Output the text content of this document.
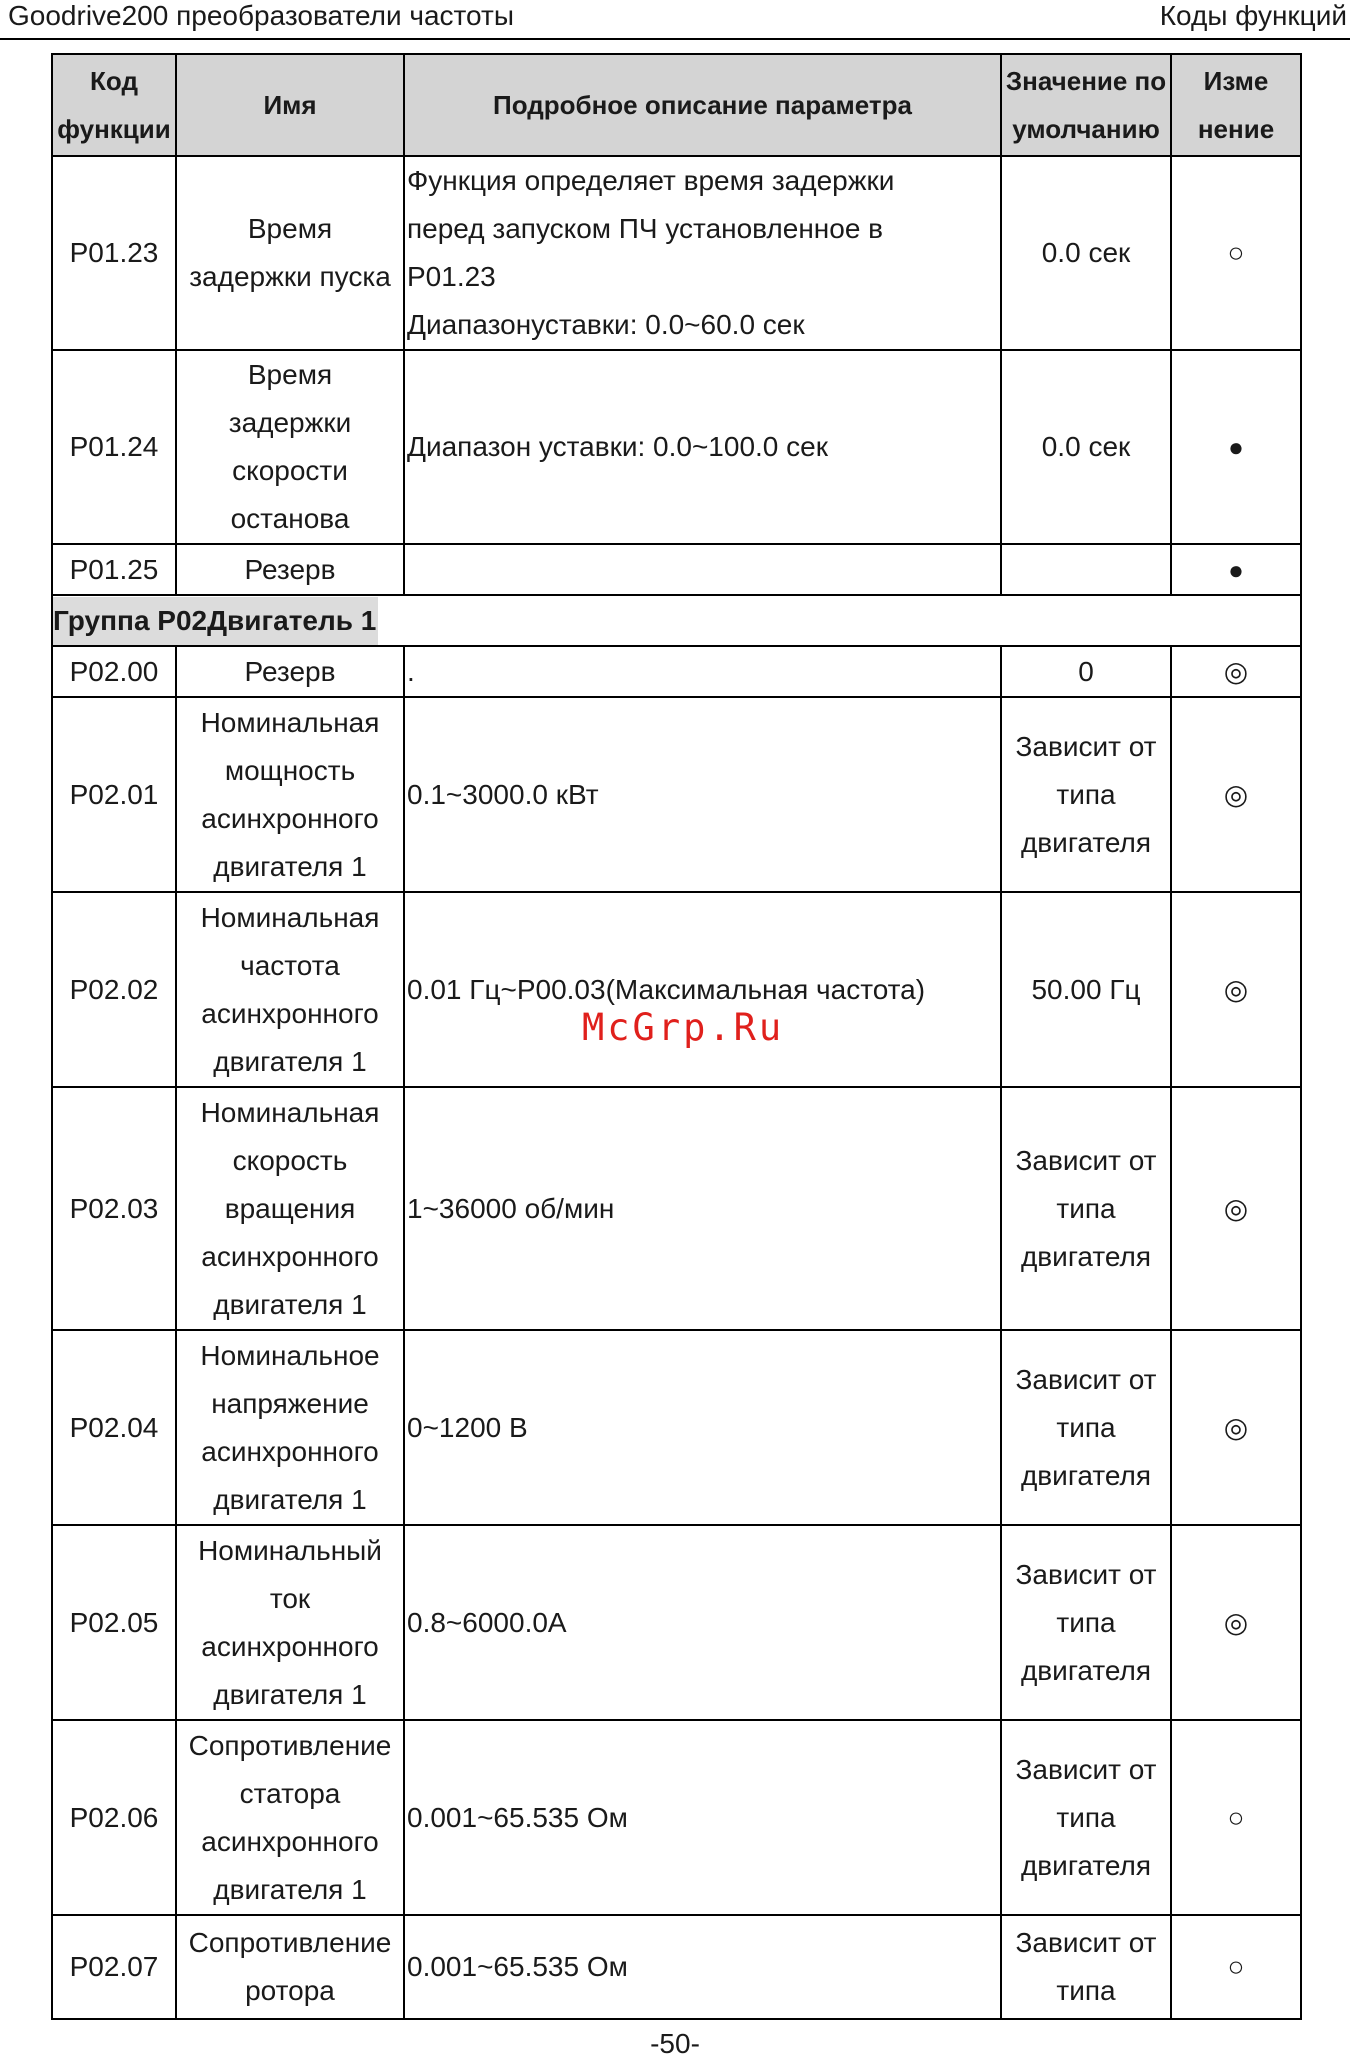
Goodrive200 преобразователи частоты	Коды функций
Код
функции	Имя	Подробное описание параметра	Значение по
умолчанию	Изме
нение
P01.23	Время
задержки пуска	Функция определяет время задержки
перед запуском ПЧ установленное в
P01.23
Диапазонуставки: 0.0~60.0 сек	0.0 сек	○
P01.24	Время
задержки
скорости
останова	Диапазон уставки: 0.0~100.0 сек	0.0 сек	●
P01.25	Резерв			●
Группа P02Двигатель 1				
P02.00	Резерв	.	0	◎
P02.01	Номинальная
мощность
асинхронного
двигателя 1	0.1~3000.0 кВт	Зависит от
типа
двигателя	◎
P02.02	Номинальная
частота
асинхронного
двигателя 1	0.01 Гц~P00.03(Максимальная частота)	50.00 Гц	◎
P02.03	Номинальная
скорость
вращения
асинхронного
двигателя 1	1~36000 об/мин	Зависит от
типа
двигателя	◎
P02.04	Номинальное
напряжение
асинхронного
двигателя 1	0~1200 В	Зависит от
типа
двигателя	◎
P02.05	Номинальный
ток
асинхронного
двигателя 1	0.8~6000.0A	Зависит от
типа
двигателя	◎
P02.06	Сопротивление
статора
асинхронного
двигателя 1	0.001~65.535 Ом	Зависит от
типа
двигателя	○
P02.07	Сопротивление
ротора	0.001~65.535 Ом	Зависит от
типа	○
McGrp.Ru
-50-
